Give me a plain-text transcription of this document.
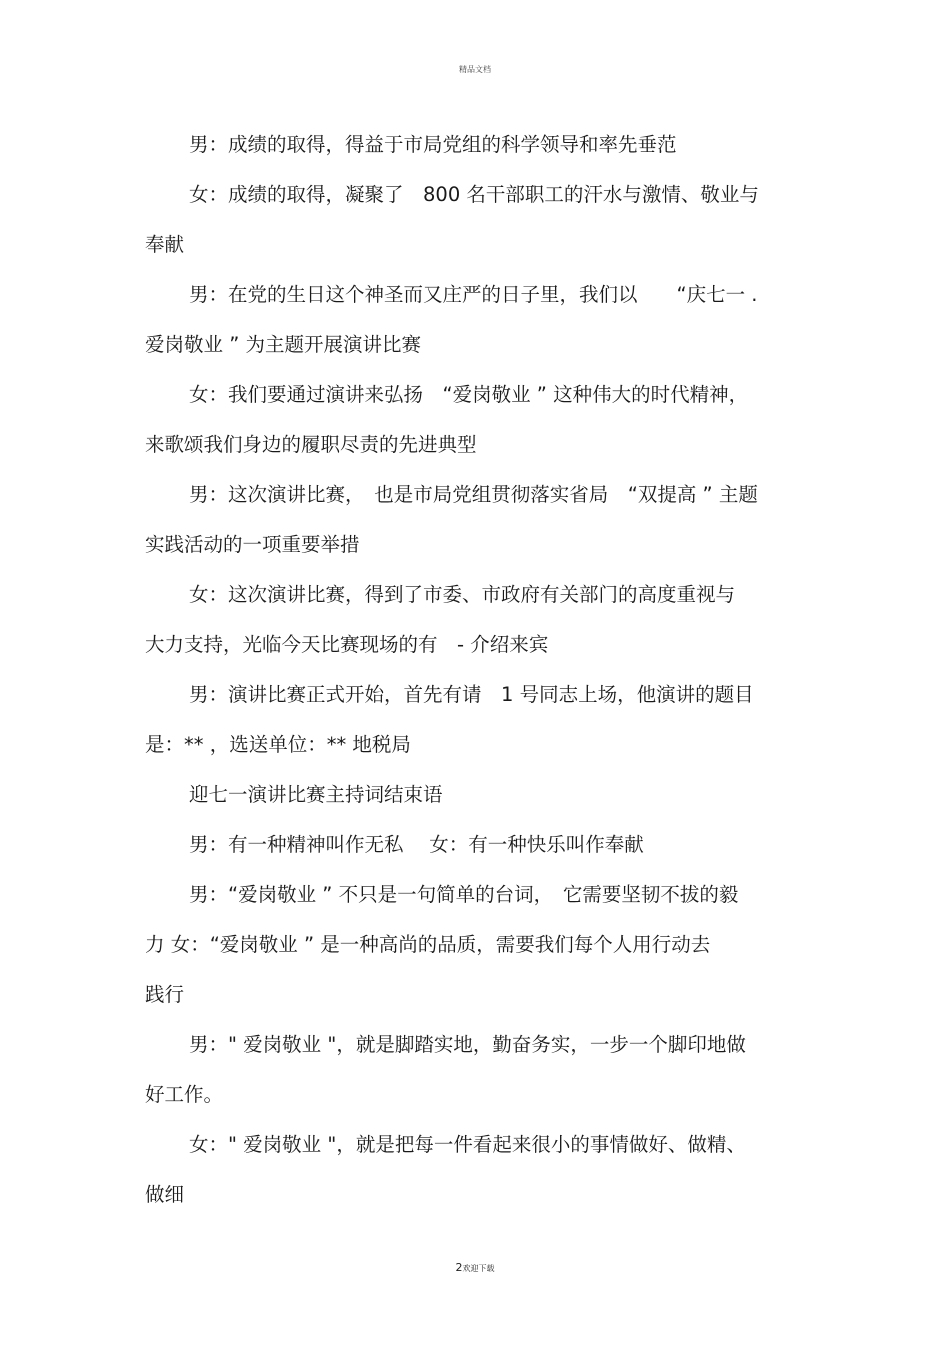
精品文档
男：成绩的取得，得益于市局党组的科学领导和率先垂范
女：成绩的取得，凝聚了　800 名干部职工的汗水与激情、敬业与
奉献
男：在党的生日这个神圣而又庄严的日子里，我们以　　“庆七一 .
爱岗敬业 ” 为主题开展演讲比赛
女：我们要通过演讲来弘扬　“爱岗敬业 ” 这种伟大的时代精神，
来歌颂我们身边的履职尽责的先进典型
男：这次演讲比赛，　也是市局党组贯彻落实省局　“双提高 ” 主题
实践活动的一项重要举措
女：这次演讲比赛，得到了市委、市政府有关部门的高度重视与
大力支持，光临今天比赛现场的有　- 介绍来宾
男：演讲比赛正式开始，首先有请　1 号同志上场，他演讲的题目
是：** ，选送单位：** 地税局
迎七一演讲比赛主持词结束语
男：有一种精神叫作无私　 女：有一种快乐叫作奉献
男：“爱岗敬业 ” 不只是一句简单的台词，　它需要坚韧不拔的毅
力 女：“爱岗敬业 ” 是一种高尚的品质，需要我们每个人用行动去
践行
男：" 爱岗敬业 "，就是脚踏实地，勤奋务实，一步一个脚印地做
好工作。
女：" 爱岗敬业 "，就是把每一件看起来很小的事情做好、做精、
做细
2欢迎下载
